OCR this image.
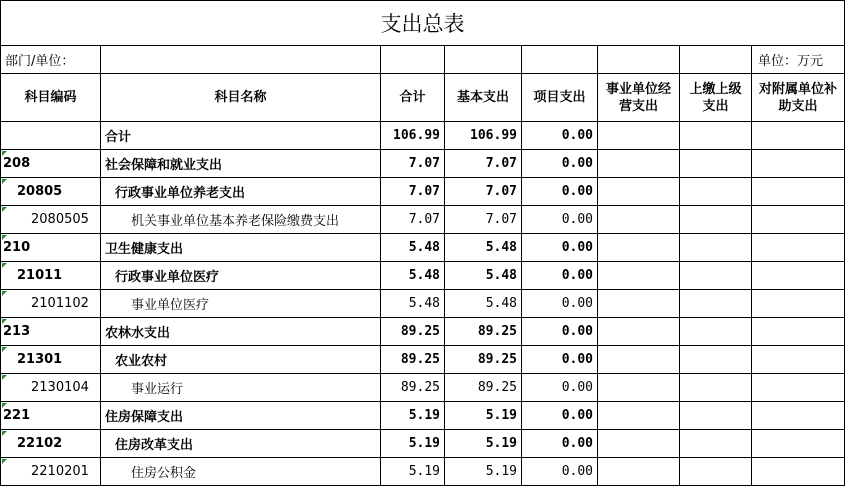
支出总表							
部门/单位：							单位：万元
科目编码	科目名称	合计	基本支出	项目支出	事业单位经营支出	上缴上级支出	对附属单位补助支出
	合计	106.99	106.99	0.00			
208	社会保障和就业支出	7.07	7.07	0.00			
20805	行政事业单位养老支出	7.07	7.07	0.00			
2080505	机关事业单位基本养老保险缴费支出	7.07	7.07	0.00			
210	卫生健康支出	5.48	5.48	0.00			
21011	行政事业单位医疗	5.48	5.48	0.00			
2101102	事业单位医疗	5.48	5.48	0.00			
213	农林水支出	89.25	89.25	0.00			
21301	农业农村	89.25	89.25	0.00			
2130104	事业运行	89.25	89.25	0.00			
221	住房保障支出	5.19	5.19	0.00			
22102	住房改革支出	5.19	5.19	0.00			
2210201	住房公积金	5.19	5.19	0.00			
